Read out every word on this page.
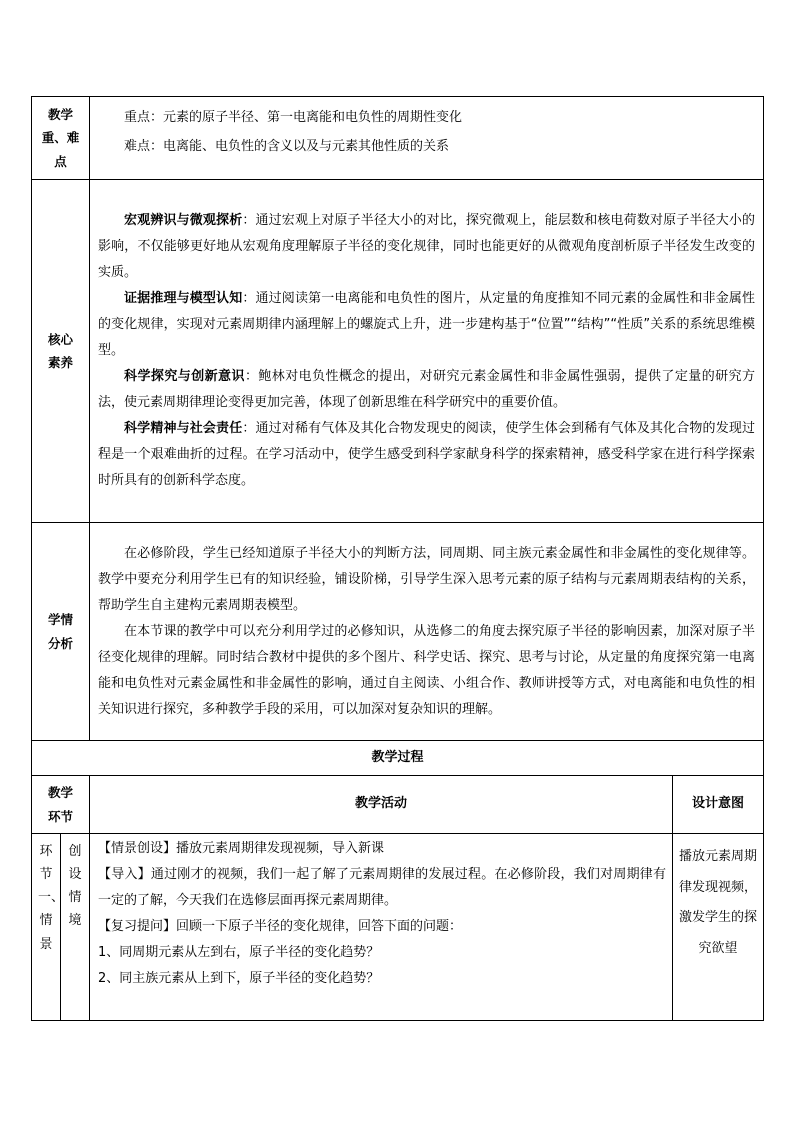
教学重、难点		重点：元素的原子半径、第一电离能和电负性的周期性变化

难点：电离能、电负性的含义以及与元素其他性质的关系	

核心素养		宏观辨识与微观探析：通过宏观上对原子半径大小的对比，探究微观上，能层数和核电荷数对原子半径大小的影响，不仅能够更好地从宏观角度理解原子半径的变化规律，同时也能更好的从微观角度剖析原子半径发生改变的实质。

证据推理与模型认知：通过阅读第一电离能和电负性的图片，从定量的角度推知不同元素的金属性和非金属性的变化规律，实现对元素周期律内涵理解上的螺旋式上升，进一步建构基于“位置”“结构”“性质”关系的系统思维模型。

科学探究与创新意识：鲍林对电负性概念的提出，对研究元素金属性和非金属性强弱，提供了定量的研究方法，使元素周期律理论变得更加完善，体现了创新思维在科学研究中的重要价值。

科学精神与社会责任：通过对稀有气体及其化合物发现史的阅读，使学生体会到稀有气体及其化合物的发现过程是一个艰难曲折的过程。在学习活动中，使学生感受到科学家献身科学的探索精神，感受科学家在进行科学探索时所具有的创新科学态度。	

学情分析		在必修阶段，学生已经知道原子半径大小的判断方法，同周期、同主族元素金属性和非金属性的变化规律等。教学中要充分利用学生已有的知识经验，铺设阶梯，引导学生深入思考元素的原子结构与元素周期表结构的关系，帮助学生自主建构元素周期表模型。

在本节课的教学中可以充分利用学过的必修知识，从选修二的角度去探究原子半径的影响因素，加深对原子半径变化规律的理解。同时结合教材中提供的多个图片、科学史话、探究、思考与讨论，从定量的角度探究第一电离能和电负性对元素金属性和非金属性的影响，通过自主阅读、小组合作、教师讲授等方式，对电离能和电负性的相关知识进行探究，多种教学手段的采用，可以加深对复杂知识的理解。	

教学过程			
教学环节		教学活动	设计意图
环节一、情景	创设情境	【情景创设】播放元素周期律发现视频，导入新课
【导入】通过刚才的视频，我们一起了解了元素周期律的发展过程。在必修阶段，我们对周期律有一定的了解，今天我们在选修层面再探元素周期律。
【复习提问】回顾一下原子半径的变化规律，回答下面的问题：
1、同周期元素从左到右，原子半径的变化趋势？
2、同主族元素从上到下，原子半径的变化趋势？	播放元素周期律发现视频，激发学生的探究欲望
